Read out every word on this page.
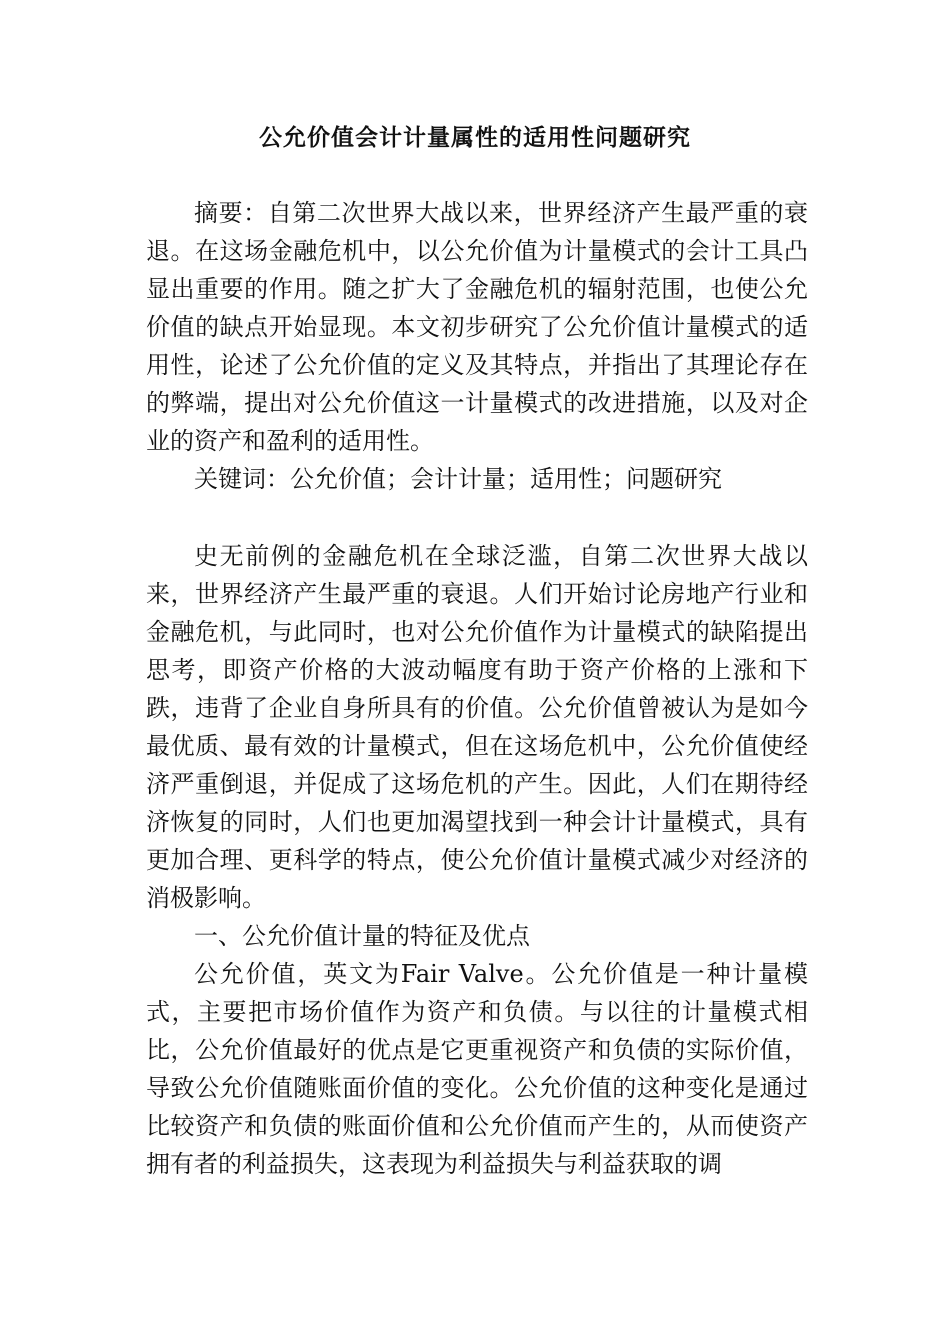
公允价值会计计量属性的适用性问题研究

摘要：自第二次世界大战以来，世界经济产生最严重的衰退。在这场金融危机中，以公允价值为计量模式的会计工具凸显出重要的作用。随之扩大了金融危机的辐射范围，也使公允价值的缺点开始显现。本文初步研究了公允价值计量模式的适用性，论述了公允价值的定义及其特点，并指出了其理论存在的弊端，提出对公允价值这一计量模式的改进措施，以及对企业的资产和盈利的适用性。

关键词：公允价值；会计计量；适用性；问题研究

史无前例的金融危机在全球泛滥，自第二次世界大战以来，世界经济产生最严重的衰退。人们开始讨论房地产行业和金融危机，与此同时，也对公允价值作为计量模式的缺陷提出思考，即资产价格的大波动幅度有助于资产价格的上涨和下跌，违背了企业自身所具有的价值。公允价值曾被认为是如今最优质、最有效的计量模式，但在这场危机中，公允价值使经济严重倒退，并促成了这场危机的产生。因此，人们在期待经济恢复的同时，人们也更加渴望找到一种会计计量模式，具有更加合理、更科学的特点，使公允价值计量模式减少对经济的消极影响。

一、公允价值计量的特征及优点

公允价值，英文为Fair Valve。公允价值是一种计量模式，主要把市场价值作为资产和负债。与以往的计量模式相比，公允价值最好的优点是它更重视资产和负债的实际价值，导致公允价值随账面价值的变化。公允价值的这种变化是通过比较资产和负债的账面价值和公允价值而产生的，从而使资产拥有者的利益损失，这表现为利益损失与利益获取的调
